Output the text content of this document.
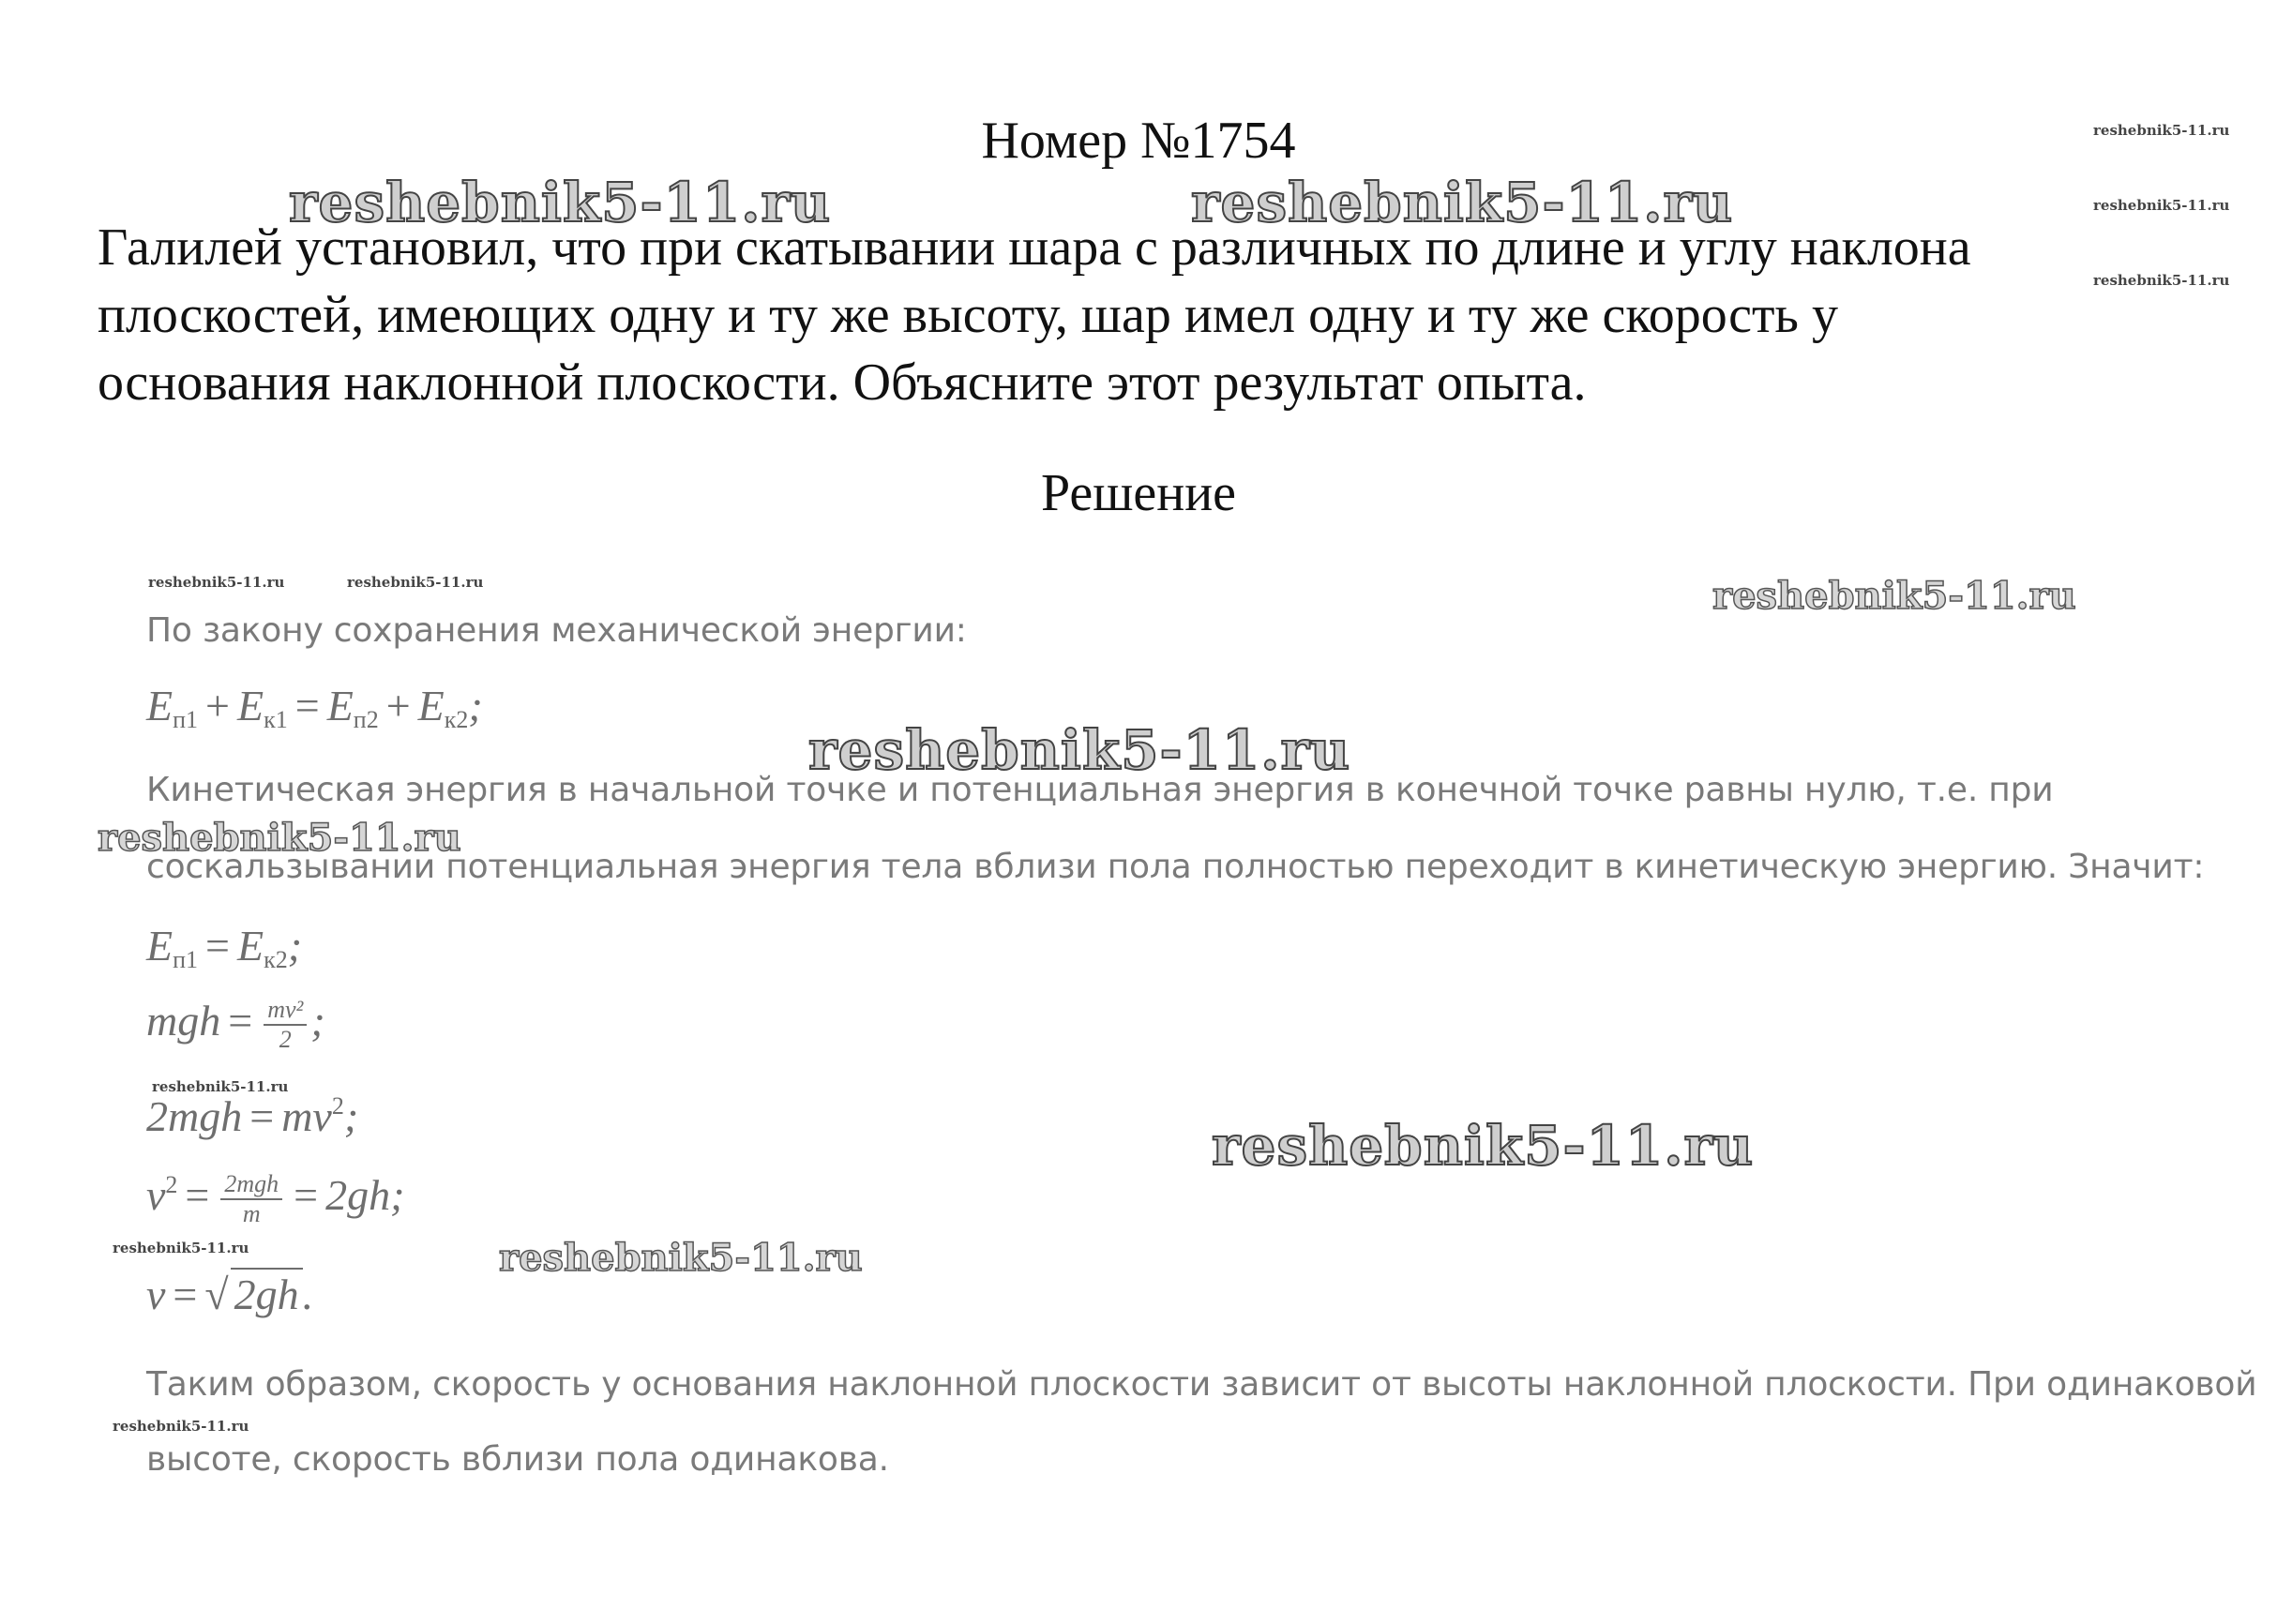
reshebnik5-11.ru
reshebnik5-11.ru
reshebnik5-11.ru
reshebnik5-11.ru	reshebnik5-11.ru
Номер №1754
Галилей установил, что при скатывании шара с различных по длине и углу наклона
плоскостей, имеющих одну и ту же высоту, шар имел одну и ту же скорость у
основания наклонной плоскости. Объясните этот результат опыта.
Решение
reshebnik5-11.ru	reshebnik5-11.ru	reshebnik5-11.ru
По закону сохранения механической энергии:
$E_{п1} + E_{к1} = E_{п2} + E_{к2}$;
reshebnik5-11.ru
Кинетическая энергия в начальной точке и потенциальная энергия в конечной точке равны нулю, т.е. при
reshebnik5-11.ru
соскальзывании потенциальная энергия тела вблизи пола полностью переходит в кинетическую энергию. Значит:
$E_{п1} = E_{к2}$;
mgh = $\frac{\text{mv²}}{2}$ ;
reshebnik5-11.ru
$2mgh = mv^2$;	reshebnik5-11.ru
$v^2 = \frac{\text{2mgh}}{m} = 2gh$;
reshebnik5-11.ru	reshebnik5-11.ru
v = √ 2gh.
Таким образом, скорость у основания наклонной плоскости зависит от высоты наклонной плоскости. При одинаковой
reshebnik5-11.ru
высоте, скорость вблизи пола одинакова.
